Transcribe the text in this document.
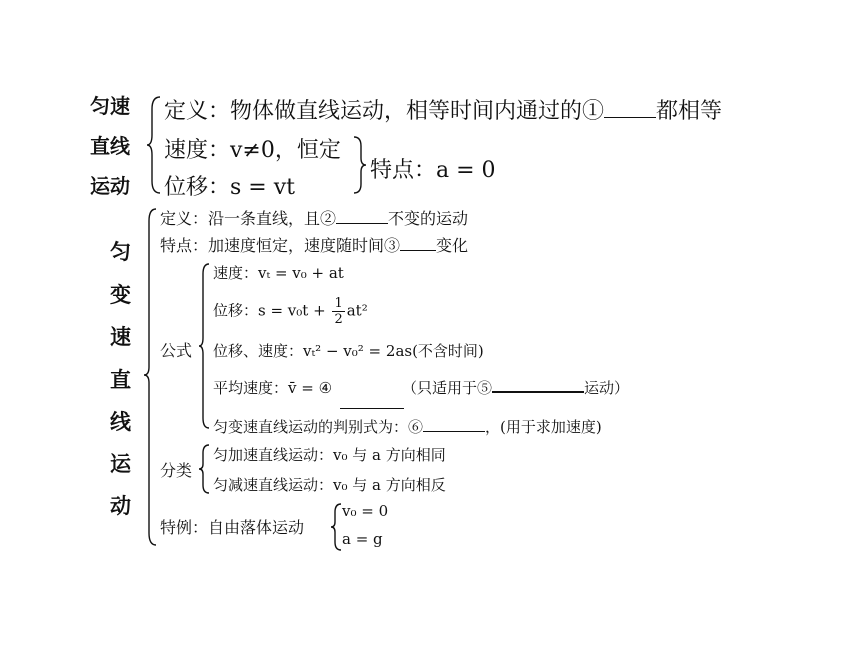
匀速
直线
运动
定义：物体做直线运动，相等时间内通过的① 都相等
速度：v≠0，恒定
位移：s = vt
特点：a = 0
匀
变
速
直
线
运
动
定义：沿一条直线，且②	不变的运动
特点：加速度恒定，速度随时间③ 变化
公式
速度：vₜ = v₀ + at
位移：$s = v_0t + \frac{1}{2} at^2$
位移、速度：vₜ² − v₀² = 2as(不含时间)
平均速度：v̄ = ④	（只适用于⑤	运动）
匀变速直线运动的判别式为：⑥	，(用于求加速度)
分类
匀加速直线运动：v₀ 与 a 方向相同
匀减速直线运动：v₀ 与 a 方向相反
特例：自由落体运动
v₀ = 0
a = g
